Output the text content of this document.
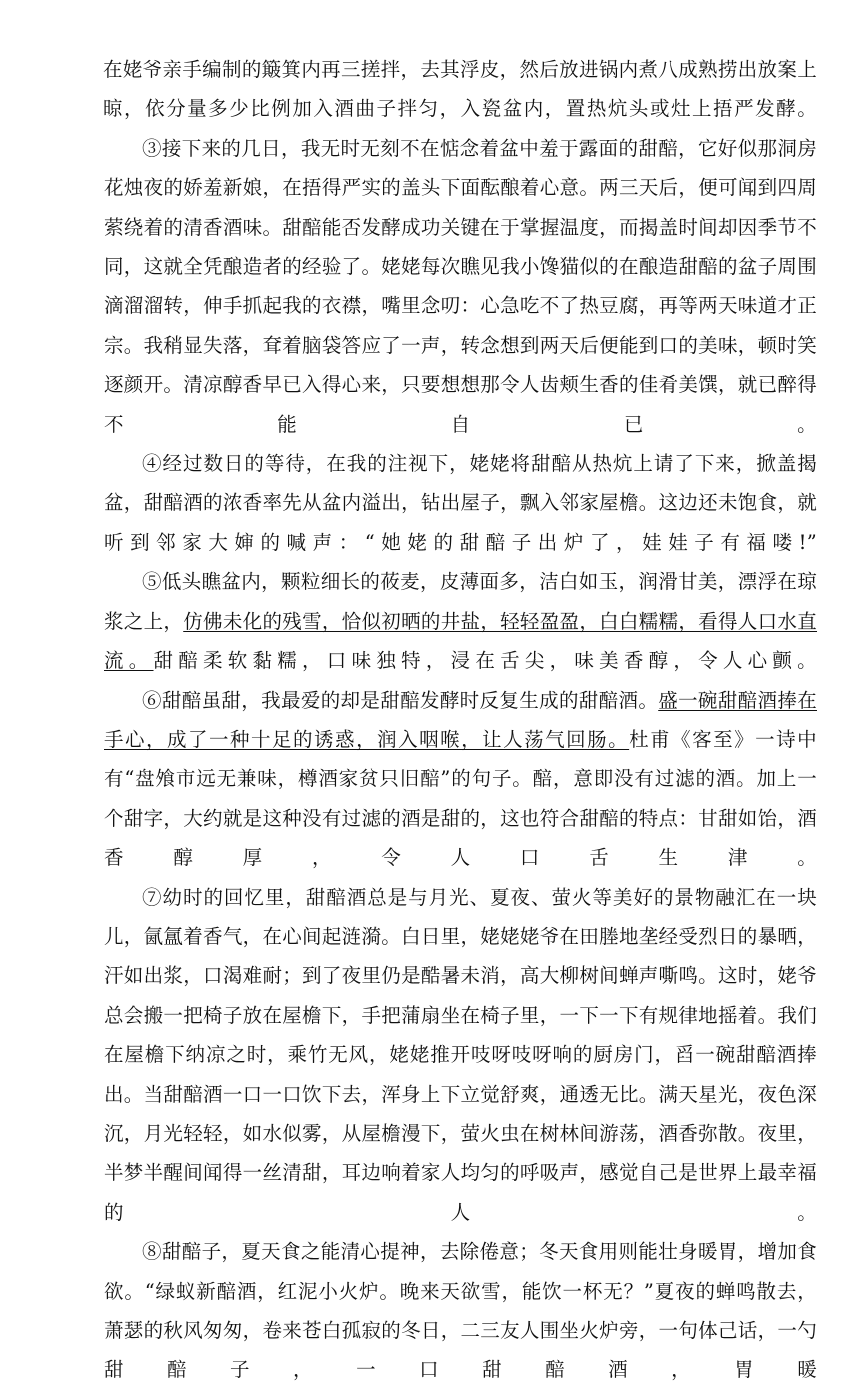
在姥爷亲手编制的簸箕内再三搓拌，去其浮皮，然后放进锅内煮八成熟捞出放案上晾，依分量多少比例加入酒曲子拌匀，入瓷盆内，置热炕头或灶上捂严发酵。

③接下来的几日，我无时无刻不在惦念着盆中羞于露面的甜醅，它好似那洞房花烛夜的娇羞新娘，在捂得严实的盖头下面酝酿着心意。两三天后，便可闻到四周萦绕着的清香酒味。甜醅能否发酵成功关键在于掌握温度，而揭盖时间却因季节不同，这就全凭酿造者的经验了。姥姥每次瞧见我小馋猫似的在酿造甜醅的盆子周围滴溜溜转，伸手抓起我的衣襟，嘴里念叨：心急吃不了热豆腐，再等两天味道才正宗。我稍显失落，耷着脑袋答应了一声，转念想到两天后便能到口的美味，顿时笑逐颜开。清凉醇香早已入得心来，只要想想那令人齿颊生香的佳肴美馔，就已醉得不能自已。

④经过数日的等待，在我的注视下，姥姥将甜醅从热炕上请了下来，掀盖揭盆，甜醅酒的浓香率先从盆内溢出，钻出屋子，飘入邻家屋檐。这边还未饱食，就听到邻家大婶的喊声：“她姥的甜醅子出炉了，娃娃子有福喽!”

⑤低头瞧盆内，颗粒细长的莜麦，皮薄面多，洁白如玉，润滑甘美，漂浮在琼浆之上，仿佛未化的残雪，恰似初晒的井盐，轻轻盈盈，白白糯糯，看得人口水直流。甜醅柔软黏糯，口味独特，浸在舌尖，味美香醇，令人心颤。

⑥甜醅虽甜，我最爱的却是甜醅发酵时反复生成的甜醅酒。盛一碗甜醅酒捧在手心，成了一种十足的诱惑，润入咽喉，让人荡气回肠。杜甫《客至》一诗中有“盘飧市远无兼味，樽酒家贫只旧醅”的句子。醅，意即没有过滤的酒。加上一个甜字，大约就是这种没有过滤的酒是甜的，这也符合甜醅的特点：甘甜如饴，酒香醇厚，令人口舌生津。

⑦幼时的回忆里，甜醅酒总是与月光、夏夜、萤火等美好的景物融汇在一块儿，氤氲着香气，在心间起涟漪。白日里，姥姥姥爷在田塍地垄经受烈日的暴晒，汗如出浆，口渴难耐；到了夜里仍是酷暑未消，高大柳树间蝉声嘶鸣。这时，姥爷总会搬一把椅子放在屋檐下，手把蒲扇坐在椅子里，一下一下有规律地摇着。我们在屋檐下纳凉之时，乘竹无风，姥姥推开吱呀吱呀响的厨房门，舀一碗甜醅酒捧出。当甜醅酒一口一口饮下去，浑身上下立觉舒爽，通透无比。满天星光，夜色深沉，月光轻轻，如水似雾，从屋檐漫下，萤火虫在树林间游荡，酒香弥散。夜里，半梦半醒间闻得一丝清甜，耳边响着家人均匀的呼吸声，感觉自己是世界上最幸福的人。

⑧甜醅子，夏天食之能清心提神，去除倦意；冬天食用则能壮身暖胃，增加食欲。“绿蚁新醅酒，红泥小火炉。晚来天欲雪，能饮一杯无？”夏夜的蝉鸣散去，萧瑟的秋风匆匆，卷来苍白孤寂的冬日，二三友人围坐火炉旁，一句体己话，一勺甜醅子，一口甜醅酒，胃暖
